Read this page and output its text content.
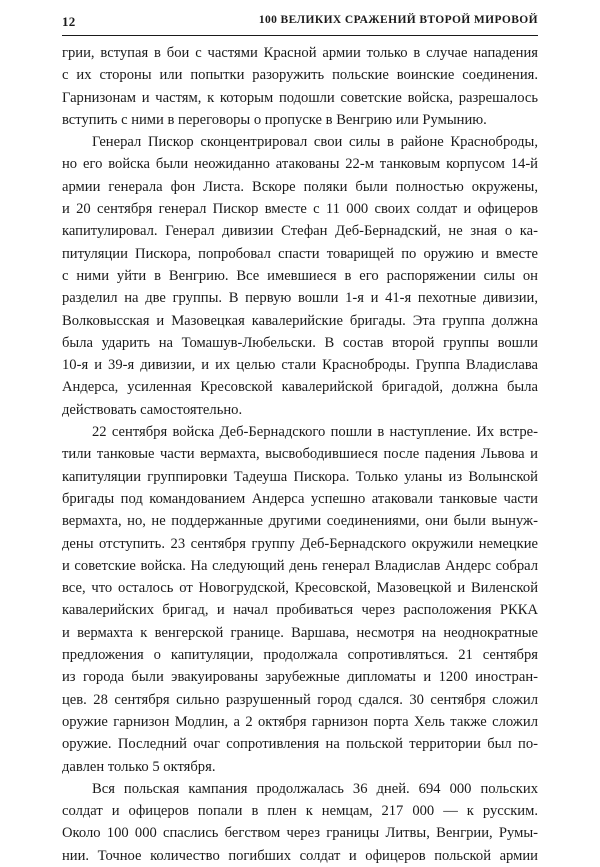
12	100 ВЕЛИКИХ СРАЖЕНИЙ ВТОРОЙ МИРОВОЙ
грии, вступая в бои с частями Красной армии только в случае нападения
с их стороны или попытки разоружить польские воинские соединения.
Гарнизонам и частям, к которым подошли советские войска, разрешалось
вступить с ними в переговоры о пропуске в Венгрию или Румынию.
Генерал Пискор сконцентрировал свои силы в районе Красноброды,
но его войска были неожиданно атакованы 22-м танковым корпусом 14-й
армии генерала фон Листа. Вскоре поляки были полностью окружены,
и 20 сентября генерал Пискор вместе с 11 000 своих солдат и офицеров
капитулировал. Генерал дивизии Стефан Деб-Бернадский, не зная о ка-
питуляции Пискора, попробовал спасти товарищей по оружию и вместе
с ними уйти в Венгрию. Все имевшиеся в его распоряжении силы он
разделил на две группы. В первую вошли 1-я и 41-я пехотные дивизии,
Волковысская и Мазовецкая кавалерийские бригады. Эта группа должна
была ударить на Томашув-Любельски. В состав второй группы вошли
10-я и 39-я дивизии, и их целью стали Красноброды. Группа Владислава
Андерса, усиленная Кресовской кавалерийской бригадой, должна была
действовать самостоятельно.
22 сентября войска Деб-Бернадского пошли в наступление. Их встре-
тили танковые части вермахта, высвободившиеся после падения Львова и
капитуляции группировки Тадеуша Пискора. Только уланы из Волынской
бригады под командованием Андерса успешно атаковали танковые части
вермахта, но, не поддержанные другими соединениями, они были вынуж-
дены отступить. 23 сентября группу Деб-Бернадского окружили немецкие
и советские войска. На следующий день генерал Владислав Андерс собрал
все, что осталось от Новогрудской, Кресовской, Мазовецкой и Виленской
кавалерийских бригад, и начал пробиваться через расположения РККА
и вермахта к венгерской границе. Варшава, несмотря на неоднократные
предложения о капитуляции, продолжала сопротивляться. 21 сентября
из города были эвакуированы зарубежные дипломаты и 1200 иностран-
цев. 28 сентября сильно разрушенный город сдался. 30 сентября сложил
оружие гарнизон Модлин, а 2 октября гарнизон порта Хель также сложил
оружие. Последний очаг сопротивления на польской территории был по-
давлен только 5 октября.
Вся польская кампания продолжалась 36 дней. 694 000 польских
солдат и офицеров попали в плен к немцам, 217 000 — к русским.
Около 100 000 спаслись бегством через границы Литвы, Венгрии, Румы-
нии. Точное количество погибших солдат и офицеров польской армии
